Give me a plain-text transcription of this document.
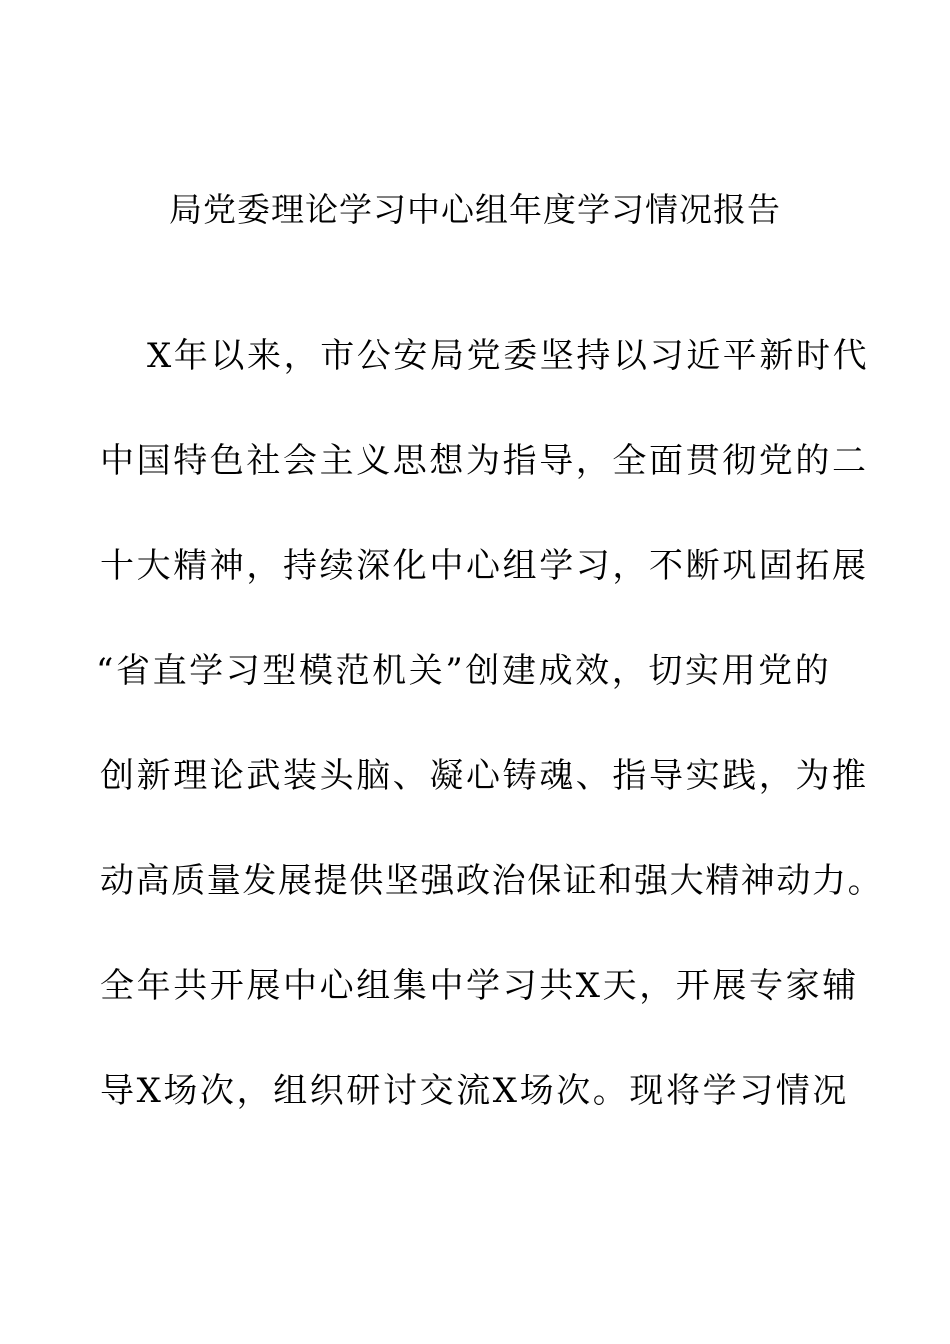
局党委理论学习中心组年度学习情况报告
X年以来，市公安局党委坚持以习近平新时代
中国特色社会主义思想为指导，全面贯彻党的二
十大精神，持续深化中心组学习，不断巩固拓展
“省直学习型模范机关”创建成效，切实用党的
创新理论武装头脑、凝心铸魂、指导实践，为推
动高质量发展提供坚强政治保证和强大精神动力。
全年共开展中心组集中学习共X天，开展专家辅
导X场次，组织研讨交流X场次。现将学习情况
